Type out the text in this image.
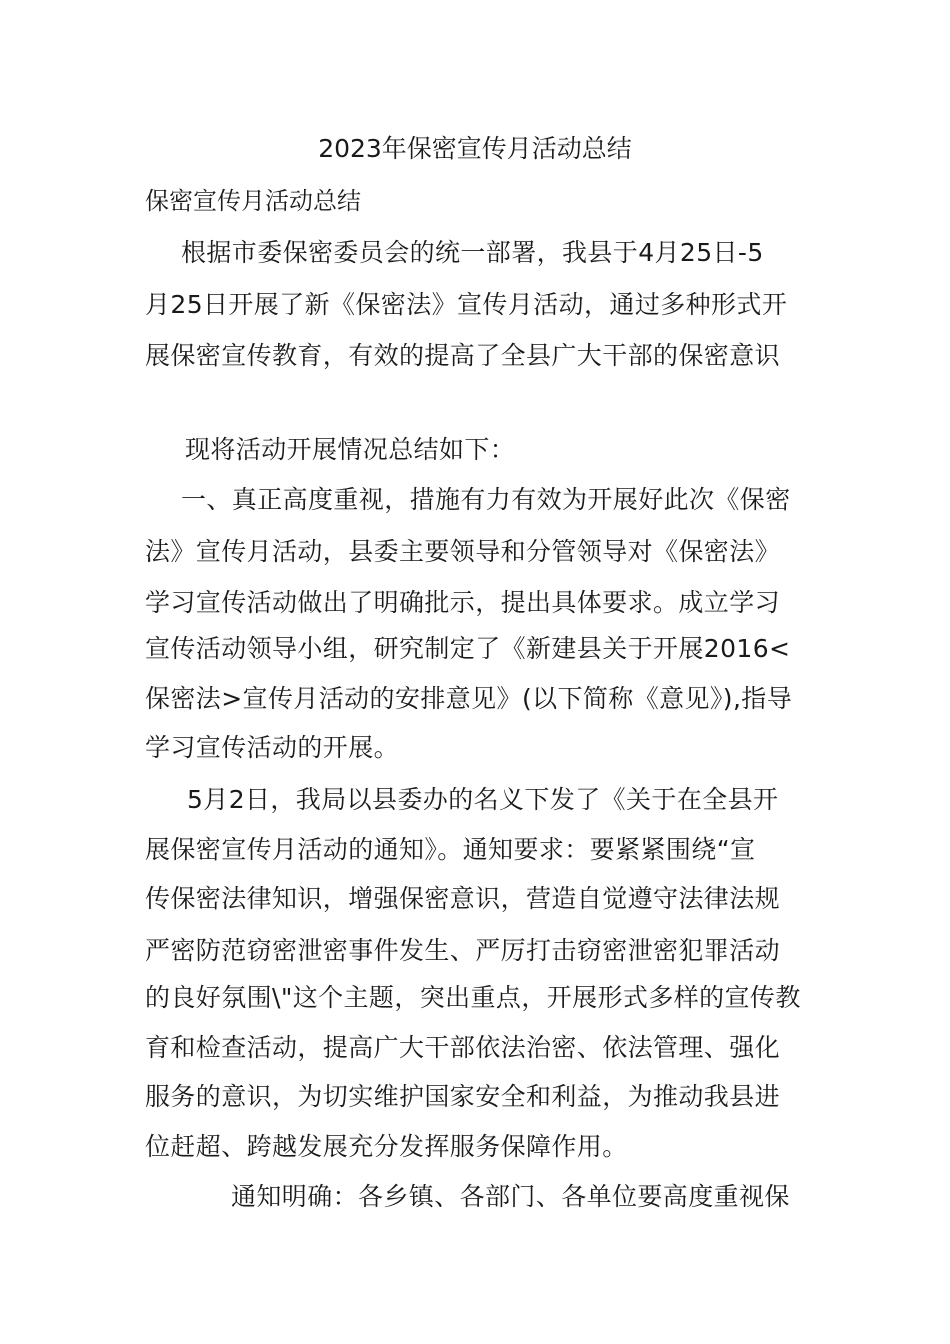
2023年保密宣传月活动总结
保密宣传月活动总结
根据市委保密委员会的统一部署，我县于4月25日-5
月25日开展了新《保密法》宣传月活动，通过多种形式开
展保密宣传教育，有效的提高了全县广大干部的保密意识
现将活动开展情况总结如下：
一、真正高度重视，措施有力有效为开展好此次《保密
法》宣传月活动，县委主要领导和分管领导对《保密法》
学习宣传活动做出了明确批示，提出具体要求。成立学习
宣传活动领导小组，研究制定了《新建县关于开展2016<
保密法>宣传月活动的安排意见》(以下简称《意见》),指导
学习宣传活动的开展。
5月2日，我局以县委办的名义下发了《关于在全县开
展保密宣传月活动的通知》。通知要求：要紧紧围绕“宣
传保密法律知识，增强保密意识，营造自觉遵守法律法规
严密防范窃密泄密事件发生、严厉打击窃密泄密犯罪活动
的良好氛围\"这个主题，突出重点，开展形式多样的宣传教
育和检查活动，提高广大干部依法治密、依法管理、强化
服务的意识，为切实维护国家安全和利益，为推动我县进
位赶超、跨越发展充分发挥服务保障作用。
通知明确：各乡镇、各部门、各单位要高度重视保
